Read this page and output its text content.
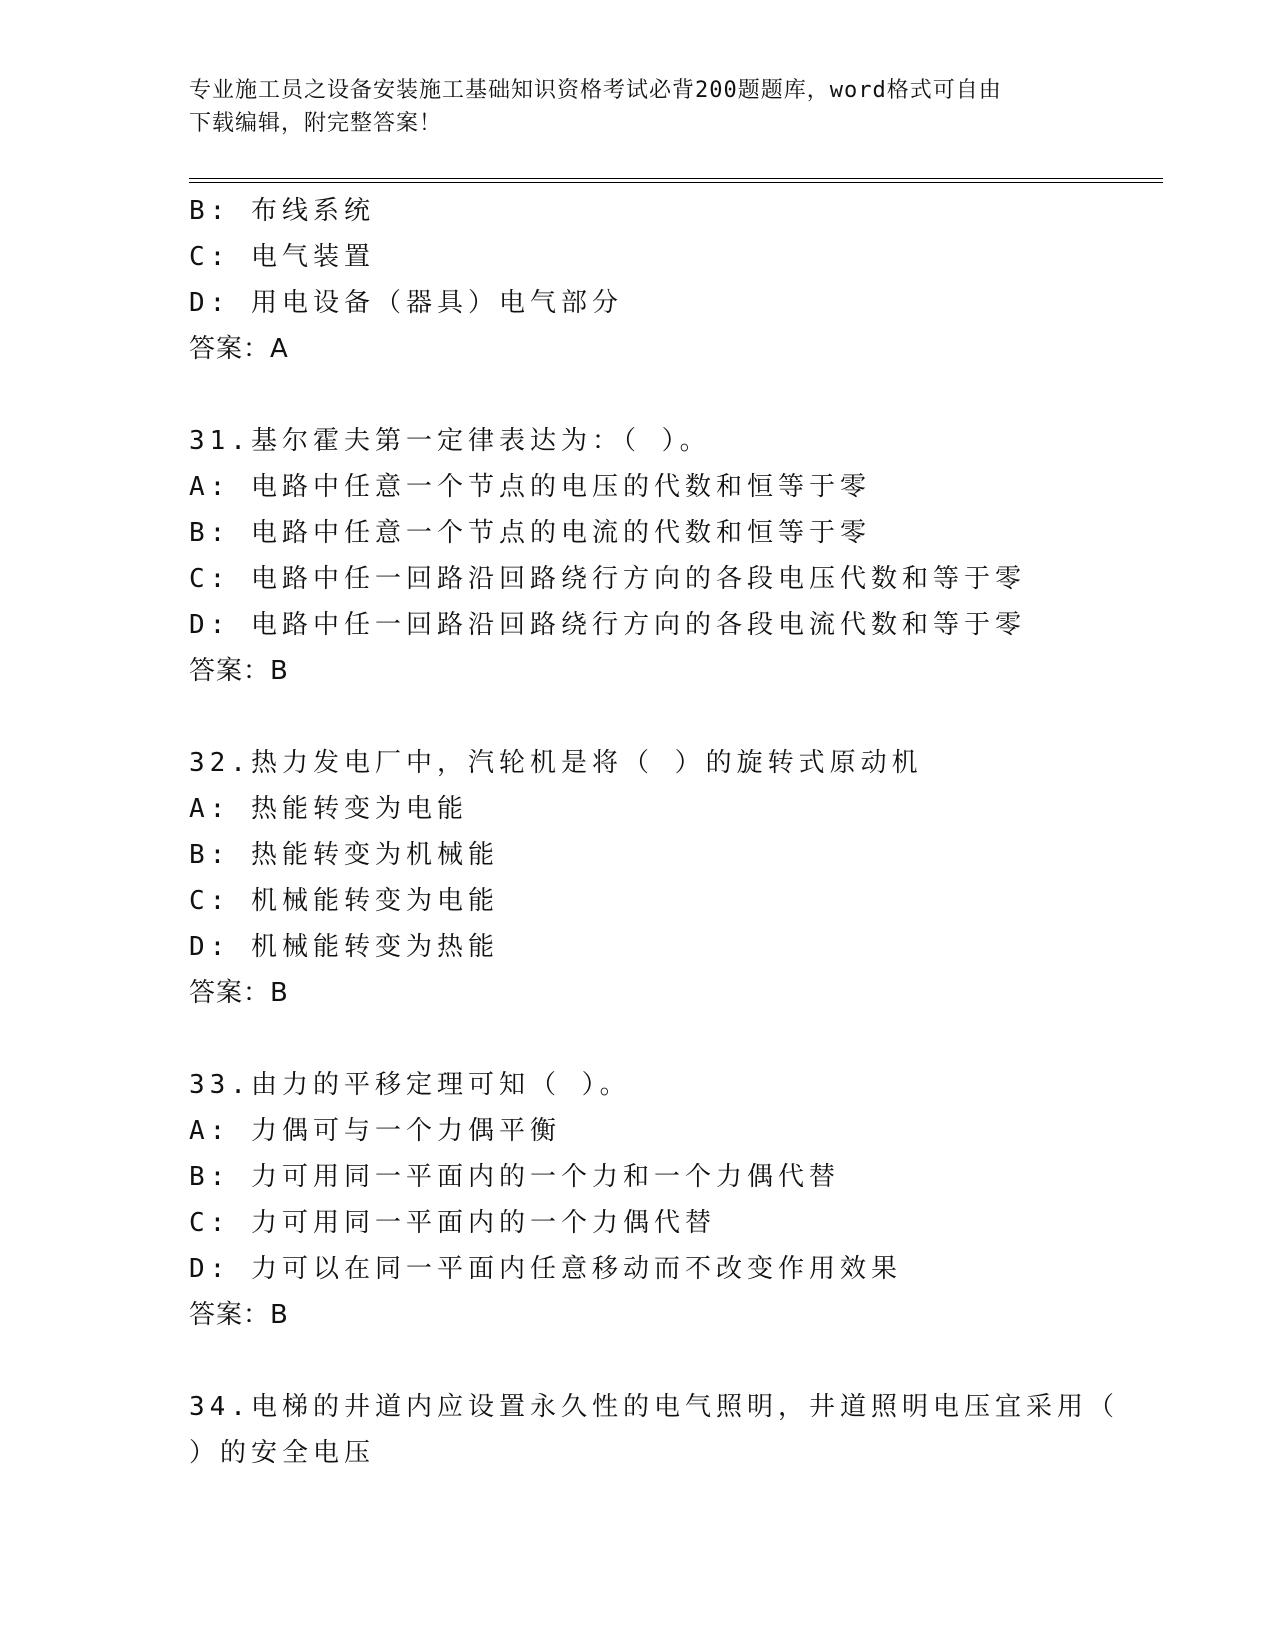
专业施工员之设备安装施工基础知识资格考试必背200题题库，word格式可自由
下载编辑，附完整答案！
B: 布线系统
C: 电气装置
D: 用电设备（器具）电气部分
答案：A
31.基尔霍夫第一定律表达为：（ ）。
A: 电路中任意一个节点的电压的代数和恒等于零
B: 电路中任意一个节点的电流的代数和恒等于零
C: 电路中任一回路沿回路绕行方向的各段电压代数和等于零
D: 电路中任一回路沿回路绕行方向的各段电流代数和等于零
答案：B
32.热力发电厂中，汽轮机是将（ ）的旋转式原动机
A: 热能转变为电能
B: 热能转变为机械能
C: 机械能转变为电能
D: 机械能转变为热能
答案：B
33.由力的平移定理可知（ ）。
A: 力偶可与一个力偶平衡
B: 力可用同一平面内的一个力和一个力偶代替
C: 力可用同一平面内的一个力偶代替
D: 力可以在同一平面内任意移动而不改变作用效果
答案：B
34.电梯的井道内应设置永久性的电气照明，井道照明电压宜采用（
）的安全电压
